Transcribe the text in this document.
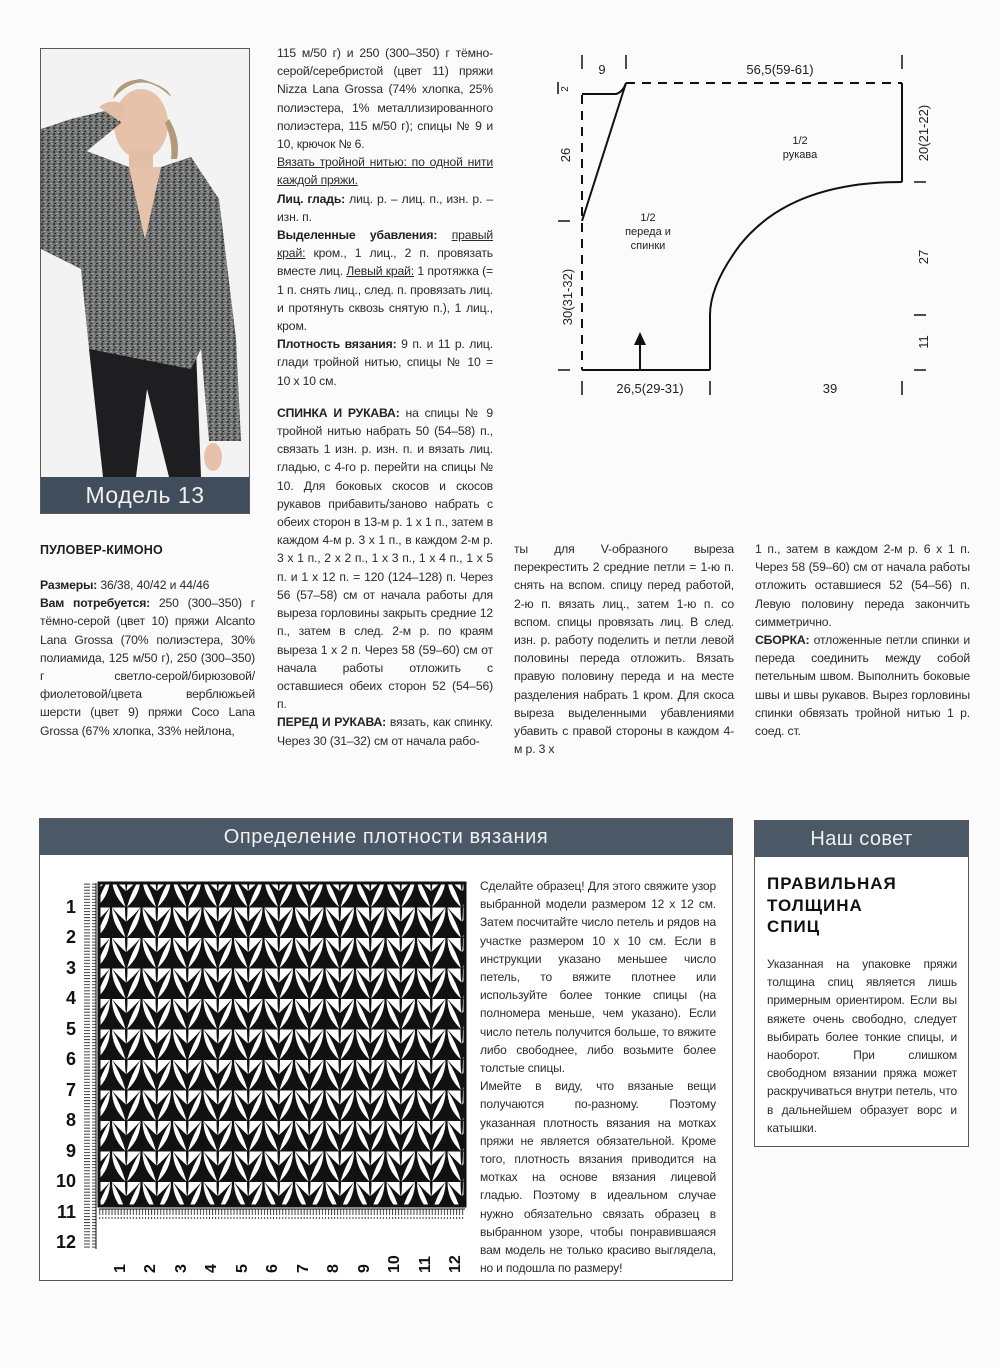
Модель 13
ПУЛОВЕР-КИМОНО

Размеры: 36/38, 40/42 и 44/46

Вам потребуется: 250 (300–350) г тёмно-серой (цвет 10) пряжи Alcanto Lana Grossa (70% полиэстера, 30% полиамида, 125 м/50 г), 250 (300–350) г светло-серой/бирюзовой/фиолетовой/цвета верблюжьей шерсти (цвет 9) пряжи Coco Lana Grossa (67% хлопка, 33% нейлона,

115 м/50 г) и 250 (300–350) г тёмно-серой/серебристой (цвет 11) пряжи Nizza Lana Grossa (74% хлопка, 25% полиэстера, 1% металлизированного полиэстера, 115 м/50 г); спицы № 9 и 10, крючок № 6.

Вязать тройной нитью: по одной нити каждой пряжи.

Лиц. гладь: лиц. р. – лиц. п., изн. р. – изн. п.

Выделенные убавления: правый край: кром., 1 лиц., 2 п. провязать вместе лиц. Левый край: 1 протяжка (= 1 п. снять лиц., след. п. провязать лиц. и протянуть сквозь снятую п.), 1 лиц., кром.

Плотность вязания: 9 п. и 11 р. лиц. глади тройной нитью, спицы № 10 = 10 х 10 см.

СПИНКА И РУКАВА: на спицы № 9 тройной нитью набрать 50 (54–58) п., связать 1 изн. р. изн. п. и вязать лиц. гладью, с 4-го р. перейти на спицы № 10. Для боковых скосов и скосов рукавов прибавить/заново набрать с обеих сторон в 13-м р. 1 х 1 п., затем в каждом 4-м р. 3 х 1 п., в каждом 2-м р. 3 х 1 п., 2 х 2 п., 1 х 3 п., 1 х 4 п., 1 х 5 п. и 1 х 12 п. = 120 (124–128) п. Через 56 (57–58) см от начала работы для выреза горловины закрыть средние 12 п., затем в след. 2-м р. по краям выреза 1 х 2 п. Через 58 (59–60) см от начала работы отложить с оставшиеся обеих сторон 52 (54–56) п.

ПЕРЕД И РУКАВА: вязать, как спинку. Через 30 (31–32) см от начала рабо-

ты для V-образного выреза перекрестить 2 средние петли = 1-ю п. снять на вспом. спицу перед работой, 2-ю п. вязать лиц., затем 1-ю п. со вспом. спицы провязать лиц. В след. изн. р. работу поделить и петли левой половины переда отложить. Вязать правую половину переда и на месте разделения набрать 1 кром. Для скоса выреза выделенными убавлениями убавить с правой стороны в каждом 4-м р. 3 х

1 п., затем в каждом 2-м р. 6 х 1 п. Через 58 (59–60) см от начала работы отложить оставшиеся 52 (54–56) п. Левую половину переда закончить симметрично.

СБОРКА: отложенные петли спинки и переда соединить между собой петельным швом. Выполнить боковые швы и швы рукавов. Вырез горловины спинки обвязать тройной нитью 1 р. соед. ст.

9	56,5(59-61)
2
26
30(31-32)
1/2
рукава
1/2
переда и
спинки
20(21-22)
27
11
26,5(29-31)	39
Определение плотности вязания
1
2
3
4
5
6
7
8
9
10
11
12
1 2 3 4 5 6 7 8 9 10 11 12

Сделайте образец! Для этого свяжите узор выбранной модели размером 12 х 12 см. Затем посчитайте число петель и рядов на участке размером 10 х 10 см. Если в инструкции указано меньшее число петель, то вяжите плотнее или используйте более тонкие спицы (на полномера меньше, чем указано). Если число петель получится больше, то вяжите либо свободнее, либо возьмите более толстые спицы.

Имейте в виду, что вязаные вещи получаются по-разному. Поэтому указанная плотность вязания на мотках пряжи не является обязательной. Кроме того, плотность вязания приводится на мотках на основе вязания лицевой гладью. Поэтому в идеальном случае нужно обязательно связать образец в выбранном узоре, чтобы понравившаяся вам модель не только красиво выглядела, но и подошла по размеру!

Наш совет
ПРАВИЛЬНАЯ
ТОЛЩИНА
СПИЦ
Указанная на упаковке пряжи толщина спиц является лишь примерным ориентиром. Если вы вяжете очень свободно, следует выбирать более тонкие спицы, и наоборот. При слишком свободном вязании пряжа может раскручиваться внутри петель, что в дальнейшем образует ворс и катышки.
